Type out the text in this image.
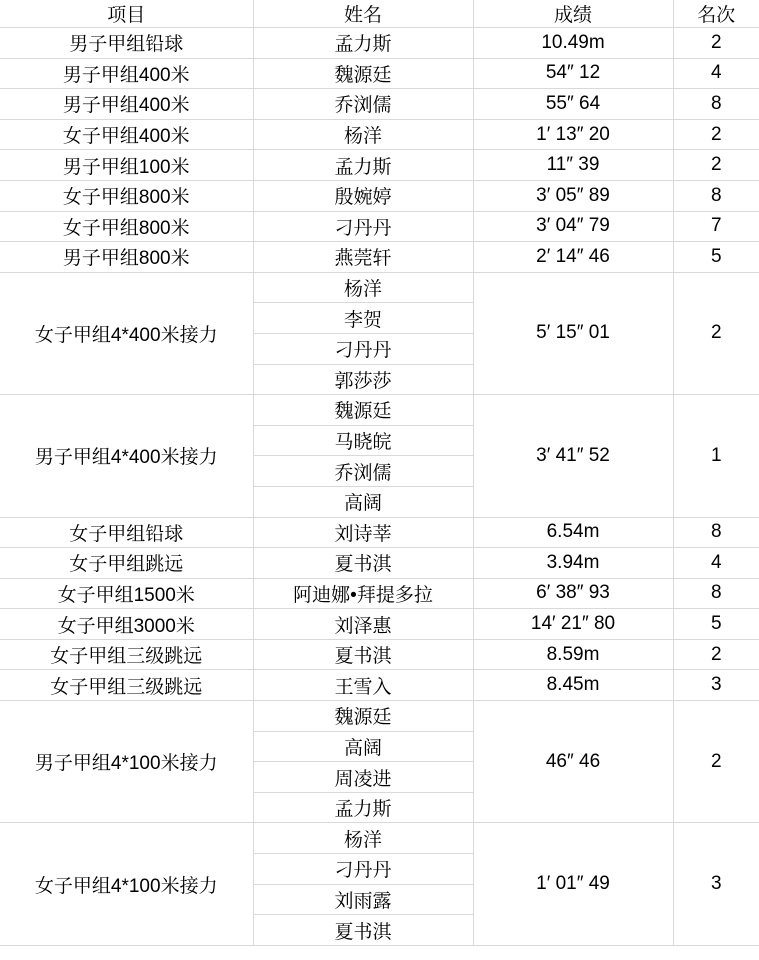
项目	姓名	成绩	名次
男子甲组铅球	孟力斯	10.49m	2
男子甲组400米	魏源廷	54″ 12	4
男子甲组400米	乔浏儒	55″ 64	8
女子甲组400米	杨洋	1′ 13″ 20	2
男子甲组100米	孟力斯	11″ 39	2
女子甲组800米	殷婉婷	3′ 05″ 89	8
女子甲组800米	刁丹丹	3′ 04″ 79	7
男子甲组800米	燕莞轩	2′ 14″ 46	5
女子甲组4*400米接力	杨洋	5′ 15″ 01	2
	李贺		
	刁丹丹		
	郭莎莎		
男子甲组4*400米接力	魏源廷	3′ 41″ 52	1
	马晓皖		
	乔浏儒		
	高阔		
女子甲组铅球	刘诗莘	6.54m	8
女子甲组跳远	夏书淇	3.94m	4
女子甲组1500米	阿迪娜•拜提多拉	6′ 38″ 93	8
女子甲组3000米	刘泽惠	14′ 21″ 80	5
女子甲组三级跳远	夏书淇	8.59m	2
女子甲组三级跳远	王雪入	8.45m	3
男子甲组4*100米接力	魏源廷	46″ 46	2
	高阔		
	周凌进		
	孟力斯		
女子甲组4*100米接力	杨洋	1′ 01″ 49	3
	刁丹丹		
	刘雨露		
	夏书淇		
